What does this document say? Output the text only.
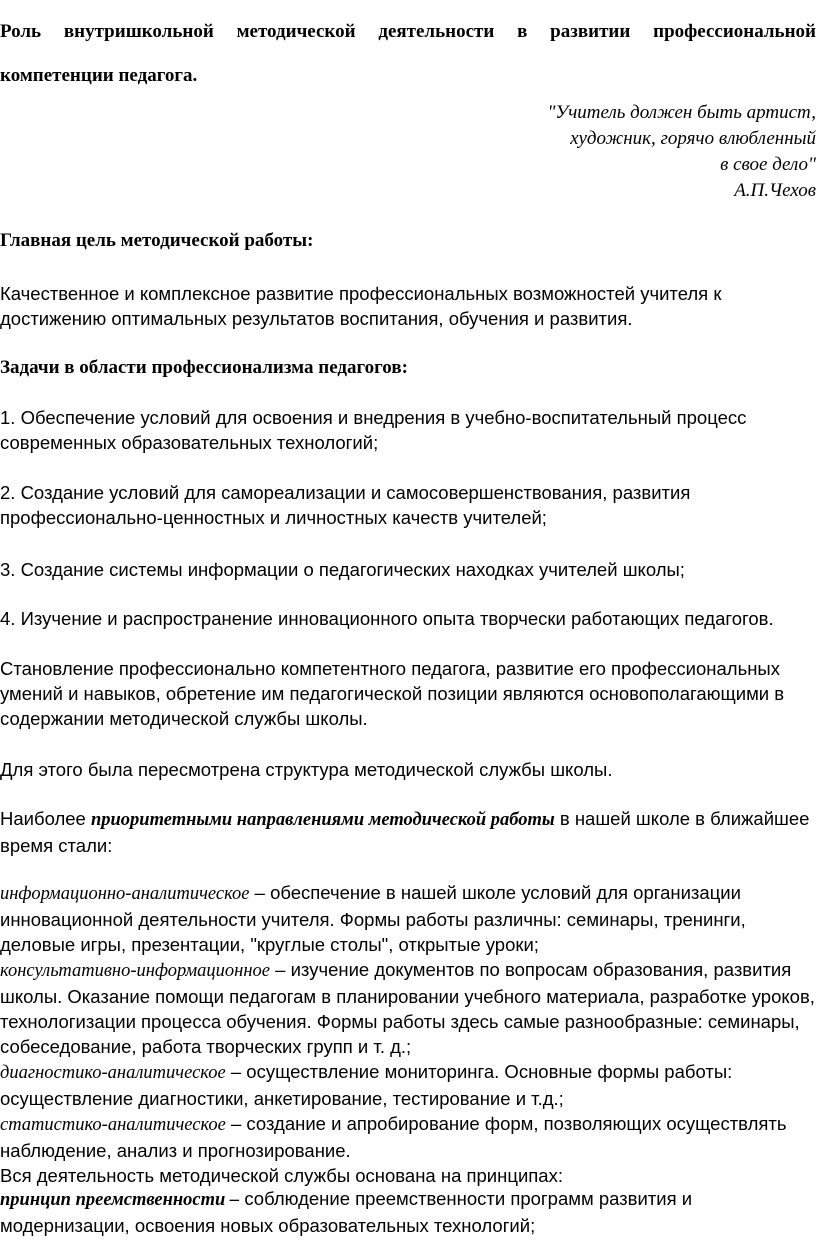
Роль внутришкольной методической деятельности в развитии профессиональной компетенции педагога.

"Учитель должен быть артист,
художник, горячо влюбленный
в свое дело"
А.П.Чехов

Главная цель методической работы:

Качественное и комплексное развитие профессиональных возможностей учителя к достижению оптимальных результатов воспитания, обучения и развития.

Задачи в области профессионализма педагогов:

1. Обеспечение условий для освоения и внедрения в учебно-воспитательный процесс современных образовательных технологий;

2. Создание условий для самореализации и самосовершенствования, развития профессионально-ценностных и личностных качеств учителей;

3. Создание системы информации о педагогических находках учителей школы;

4. Изучение и распространение инновационного опыта творчески работающих педагогов.

Становление профессионально компетентного педагога, развитие его профессиональных умений и навыков, обретение им педагогической позиции являются основополагающими в содержании методической службы школы.

Для этого была пересмотрена структура методической службы школы.

Наиболее приоритетными направлениями методической работы в нашей школе в ближайшее время стали:

информационно-аналитическое – обеспечение в нашей школе условий для организации инновационной деятельности учителя. Формы работы различны: семинары, тренинги, деловые игры, презентации, "круглые столы", открытые уроки;
консультативно-информационное – изучение документов по вопросам образования, развития школы. Оказание помощи педагогам в планировании учебного материала, разработке уроков, технологизации процесса обучения. Формы работы здесь самые разнообразные: семинары, собеседование, работа творческих групп и т. д.;
диагностико-аналитическое – осуществление мониторинга. Основные формы работы: осуществление диагностики, анкетирование, тестирование и т.д.;
статистико-аналитическое – создание и апробирование форм, позволяющих осуществлять наблюдение, анализ и прогнозирование.
Вся деятельность методической службы основана на принципах:

принцип преемственности – соблюдение преемственности программ развития и модернизации, освоения новых образовательных технологий;
